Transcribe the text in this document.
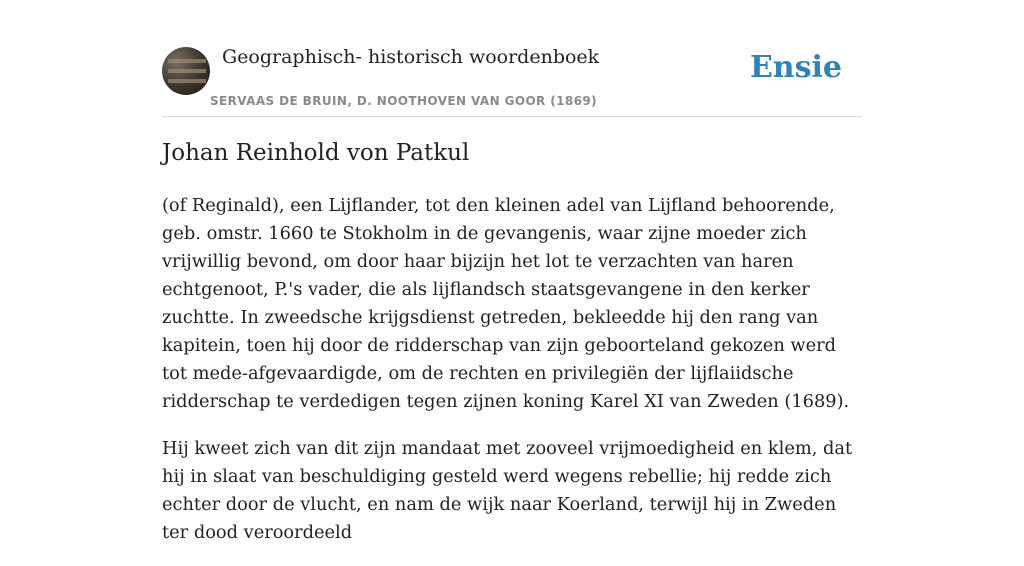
Geographisch- historisch woordenboek
SERVAAS DE BRUIN, D. NOOTHOVEN VAN GOOR (1869)
Ensie
Johan Reinhold von Patkul

(of Reginald), een Lijflander, tot den kleinen adel van Lijfland behoorende, geb. omstr. 1660 te Stokholm in de gevangenis, waar zijne moeder zich vrijwillig bevond, om door haar bijzijn het lot te verzachten van haren echtgenoot, P.'s vader, die als lijflandsch staatsgevangene in den kerker zuchtte. In zweedsche krijgsdienst getreden, bekleedde hij den rang van kapitein, toen hij door de ridderschap van zijn geboorteland gekozen werd tot mede-afgevaardigde, om de rechten en privilegiën der lijflaiidsche ridderschap te verdedigen tegen zijnen koning Karel XI van Zweden (1689).

Hij kweet zich van dit zijn mandaat met zooveel vrijmoedigheid en klem, dat hij in slaat van beschuldiging gesteld werd wegens rebellie; hij redde zich echter door de vlucht, en nam de wijk naar Koerland, terwijl hij in Zweden ter dood veroordeeld
